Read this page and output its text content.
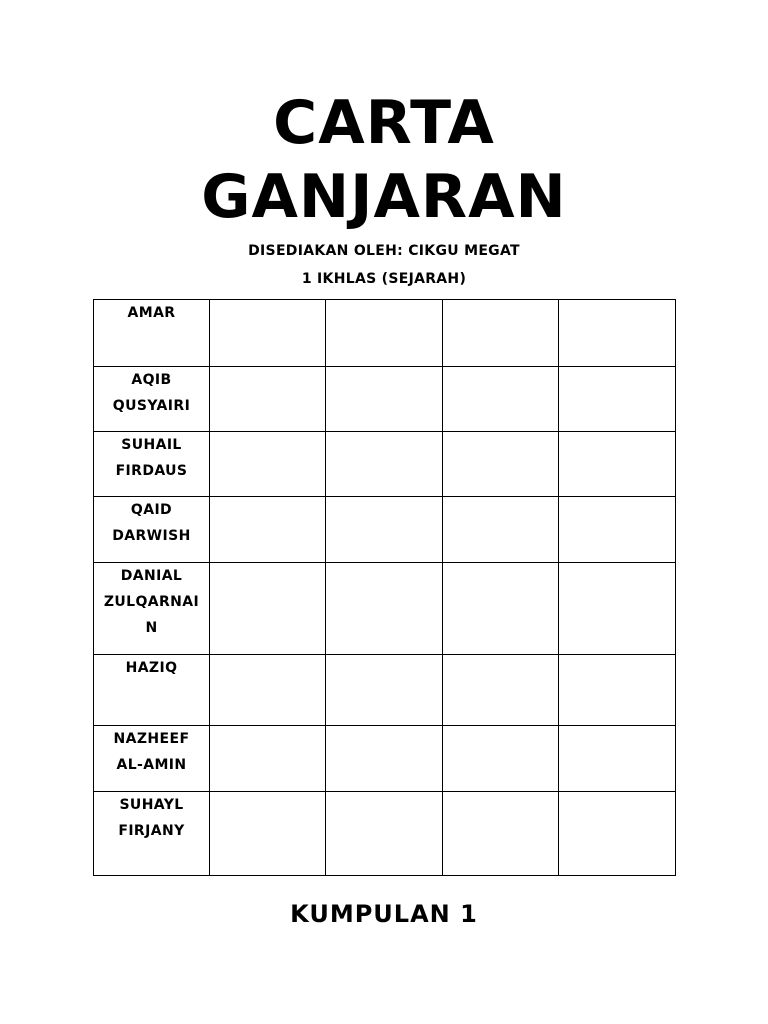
CARTA
GANJARAN
DISEDIAKAN OLEH: CIKGU MEGAT
1 IKHLAS (SEJARAH)
AMAR				

AQIB
QUSYAIRI				

SUHAIL
FIRDAUS				

QAID
DARWISH				

DANIAL
ZULQARNAI
N				

HAZIQ				

NAZHEEF
AL-AMIN				

SUHAYL
FIRJANY				

KUMPULAN 1
